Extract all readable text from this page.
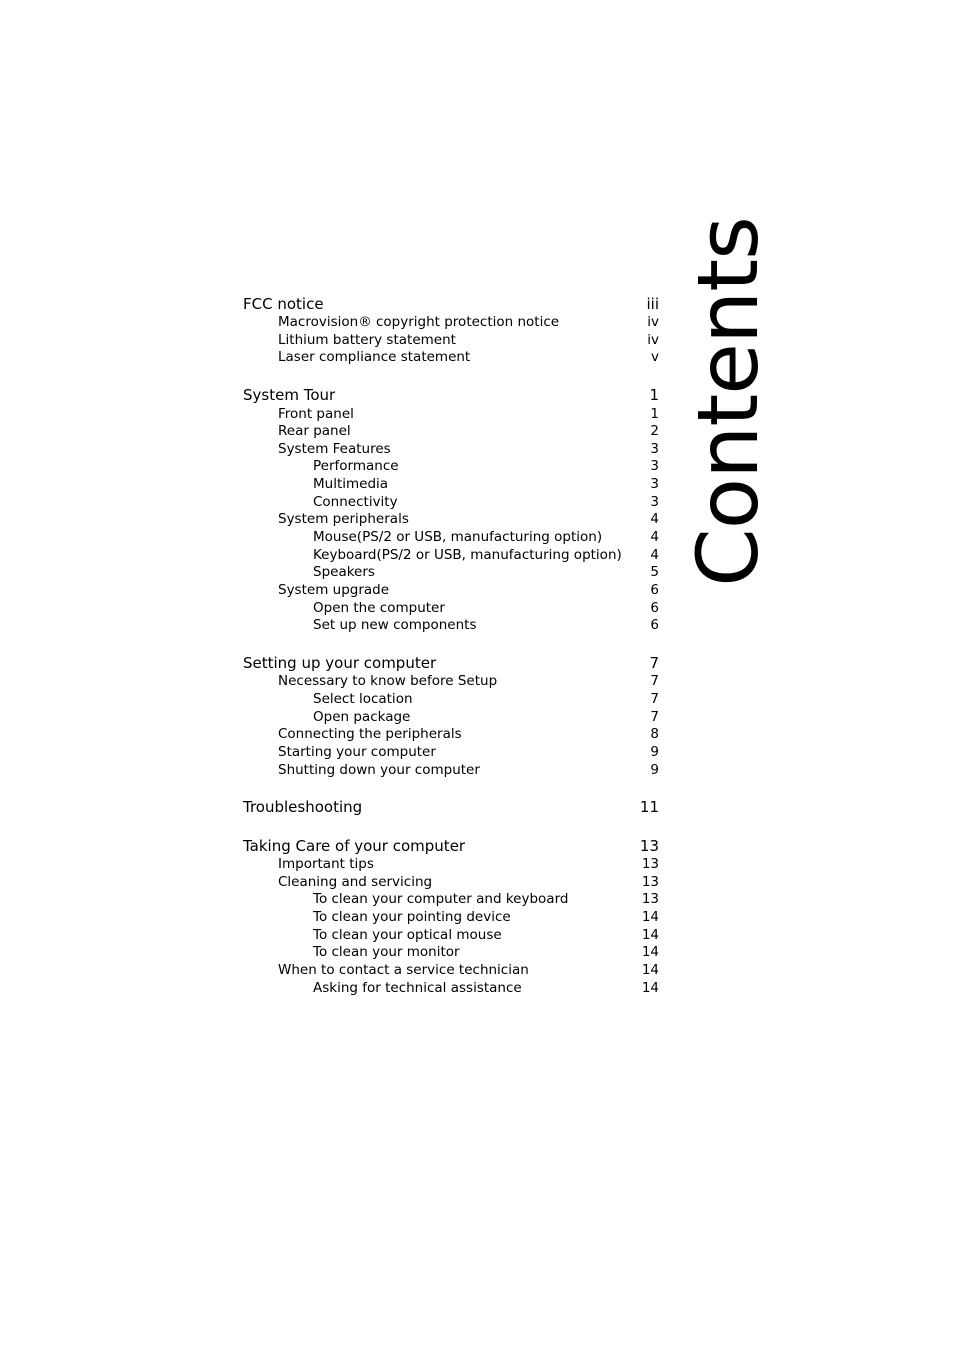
Contents
FCC notice	iii
Macrovision® copyright protection notice	iv
Lithium battery statement	iv
Laser compliance statement	v
System Tour	1
Front panel	1
Rear panel	2
System Features	3
Performance	3
Multimedia	3
Connectivity	3
System peripherals	4
Mouse(PS/2 or USB, manufacturing option)	4
Keyboard(PS/2 or USB, manufacturing option) 4
Speakers	5
System upgrade	6
Open the computer	6
Set up new components	6
Setting up your computer	7
Necessary to know before Setup	7
Select location	7
Open package	7
Connecting the peripherals	8
Starting your computer	9
Shutting down your computer	9
Troubleshooting	11
Taking Care of your computer	13
Important tips	13
Cleaning and servicing	13
To clean your computer and keyboard	13
To clean your pointing device	14
To clean your optical mouse	14
To clean your monitor	14
When to contact a service technician	14
Asking for technical assistance	14
